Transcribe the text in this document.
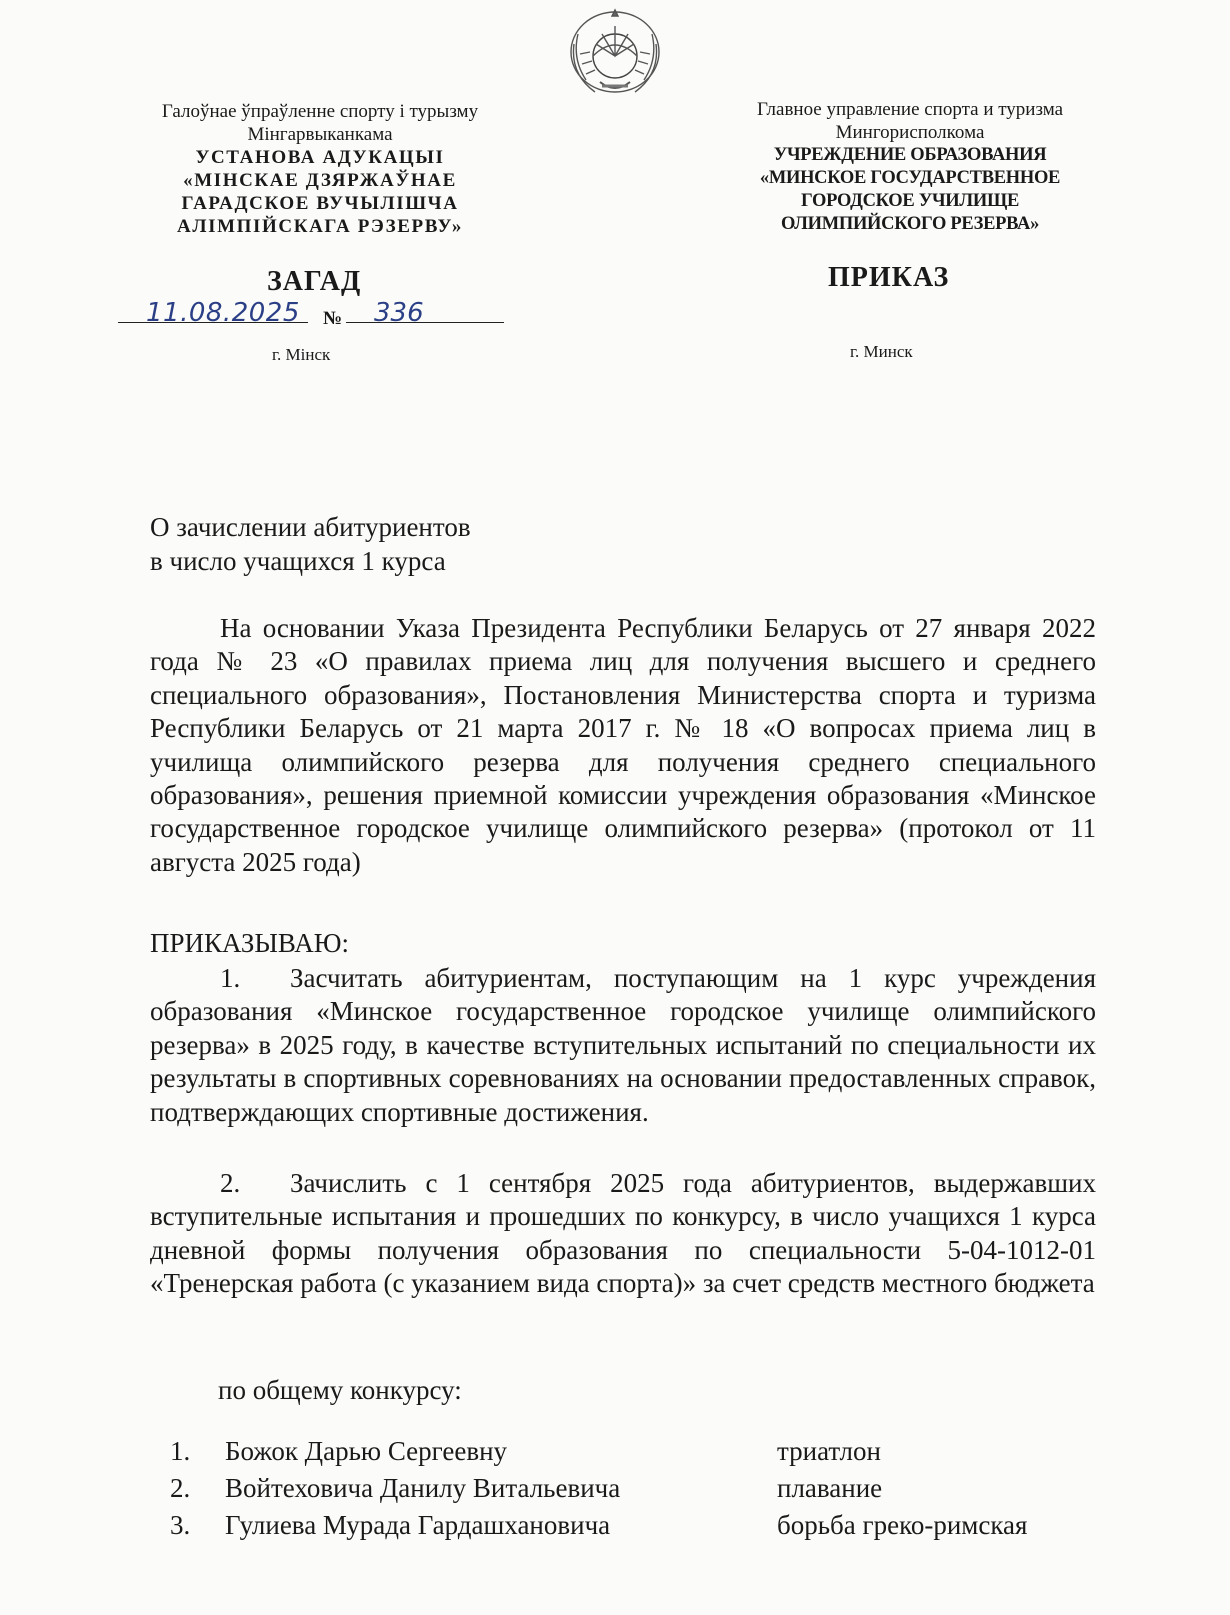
Галоўнае ўпраўленне спорту і турызму
Мінгарвыканкама
УСТАНОВА АДУКАЦЫІ
«МІНСКАЕ ДЗЯРЖАЎНАЕ
ГАРАДСКОЕ ВУЧЫЛІШЧА
АЛІМПІЙСКАГА РЭЗЕРВУ»
Главное управление спорта и туризма
Мингорисполкома
УЧРЕЖДЕНИЕ ОБРАЗОВАНИЯ
«МИНСКОЕ ГОСУДАРСТВЕННОЕ
ГОРОДСКОЕ УЧИЛИЩЕ
ОЛИМПИЙСКОГО РЕЗЕРВА»
ЗАГАД	ПРИКАЗ
11.08.2025 № 336
г. Мінск	г. Минск
О зачислении абитуриентов
в число учащихся 1 курса
На основании Указа Президента Республики Беларусь от 27 января 2022 года № 23 «О правилах приема лиц для получения высшего и среднего специального образования», Постановления Министерства спорта и туризма Республики Беларусь от 21 марта 2017 г. № 18 «О вопросах приема лиц в училища олимпийского резерва для получения среднего специального образования», решения приемной комиссии учреждения образования «Минское государственное городское училище олимпийского резерва» (протокол от 11 августа 2025 года)
ПРИКАЗЫВАЮ:
1. Засчитать абитуриентам, поступающим на 1 курс учреждения образования «Минское государственное городское училище олимпийского резерва» в 2025 году, в качестве вступительных испытаний по специальности их результаты в спортивных соревнованиях на основании предоставленных справок, подтверждающих спортивные достижения.
2. Зачислить с 1 сентября 2025 года абитуриентов, выдержавших вступительные испытания и прошедших по конкурсу, в число учащихся 1 курса дневной формы получения образования по специальности 5-04-1012-01 «Тренерская работа (с указанием вида спорта)» за счет средств местного бюджета
по общему конкурсу:
1.	Божок Дарью Сергеевну	триатлон
2.	Войтеховича Данилу Витальевича	плавание
3.	Гулиева Мурада Гардашхановича	борьба греко-римская
